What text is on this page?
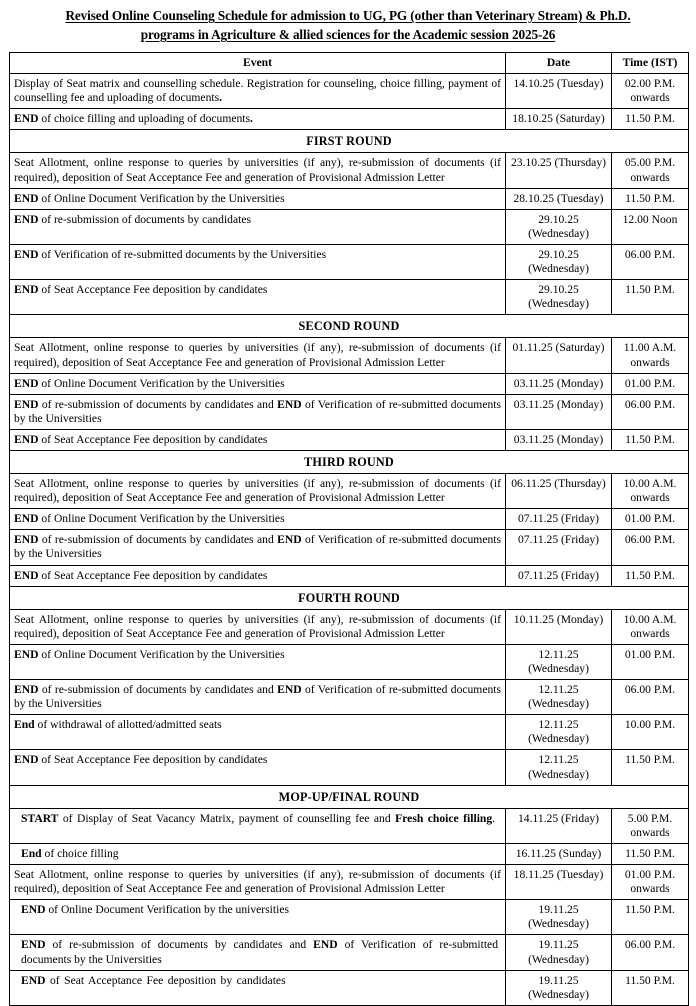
Revised Online Counseling Schedule for admission to UG, PG (other than Veterinary Stream) & Ph.D.
programs in Agriculture & allied sciences for the Academic session 2025-26
Event	Date	Time (IST)
Display of Seat matrix and counselling schedule. Registration for counseling, choice filling, payment of counselling fee and uploading of documents.	14.10.25 (Tuesday)	02.00 P.M. onwards
END of choice filling and uploading of documents.	18.10.25 (Saturday)	11.50 P.M.
FIRST ROUND		
Seat Allotment, online response to queries by universities (if any), re-submission of documents (if required), deposition of Seat Acceptance Fee and generation of Provisional Admission Letter	23.10.25 (Thursday)	05.00 P.M. onwards
END of Online Document Verification by the Universities	28.10.25 (Tuesday)	11.50 P.M.
END of re-submission of documents by candidates	29.10.25 (Wednesday)	12.00 Noon
END of Verification of re-submitted documents by the Universities	29.10.25 (Wednesday)	06.00 P.M.
END of Seat Acceptance Fee deposition by candidates	29.10.25 (Wednesday)	11.50 P.M.
SECOND ROUND		
Seat Allotment, online response to queries by universities (if any), re-submission of documents (if required), deposition of Seat Acceptance Fee and generation of Provisional Admission Letter	01.11.25 (Saturday)	11.00 A.M. onwards
END of Online Document Verification by the Universities	03.11.25 (Monday)	01.00 P.M.
END of re-submission of documents by candidates and END of Verification of re-submitted documents by the Universities	03.11.25 (Monday)	06.00 P.M.
END of Seat Acceptance Fee deposition by candidates	03.11.25 (Monday)	11.50 P.M.
THIRD ROUND		
Seat Allotment, online response to queries by universities (if any), re-submission of documents (if required), deposition of Seat Acceptance Fee and generation of Provisional Admission Letter	06.11.25 (Thursday)	10.00 A.M. onwards
END of Online Document Verification by the Universities	07.11.25 (Friday)	01.00 P.M.
END of re-submission of documents by candidates and END of Verification of re-submitted documents by the Universities	07.11.25 (Friday)	06.00 P.M.
END of Seat Acceptance Fee deposition by candidates	07.11.25 (Friday)	11.50 P.M.
FOURTH ROUND		
Seat Allotment, online response to queries by universities (if any), re-submission of documents (if required), deposition of Seat Acceptance Fee and generation of Provisional Admission Letter	10.11.25 (Monday)	10.00 A.M. onwards
END of Online Document Verification by the Universities	12.11.25 (Wednesday)	01.00 P.M.
END of re-submission of documents by candidates and END of Verification of re-submitted documents by the Universities	12.11.25 (Wednesday)	06.00 P.M.
End of withdrawal of allotted/admitted seats	12.11.25 (Wednesday)	10.00 P.M.
END of Seat Acceptance Fee deposition by candidates	12.11.25 (Wednesday)	11.50 P.M.
MOP-UP/FINAL ROUND		
START of Display of Seat Vacancy Matrix, payment of counselling fee and Fresh choice filling.	14.11.25 (Friday)	5.00 P.M. onwards
End of choice filling	16.11.25 (Sunday)	11.50 P.M.
Seat Allotment, online response to queries by universities (if any), re-submission of documents (if required), deposition of Seat Acceptance Fee and generation of Provisional Admission Letter	18.11.25 (Tuesday)	01.00 P.M. onwards
END of Online Document Verification by the universities	19.11.25 (Wednesday)	11.50 P.M.
END of re-submission of documents by candidates and END of Verification of re-submitted documents by the Universities	19.11.25 (Wednesday)	06.00 P.M.
END of Seat Acceptance Fee deposition by candidates	19.11.25 (Wednesday)	11.50 P.M.
